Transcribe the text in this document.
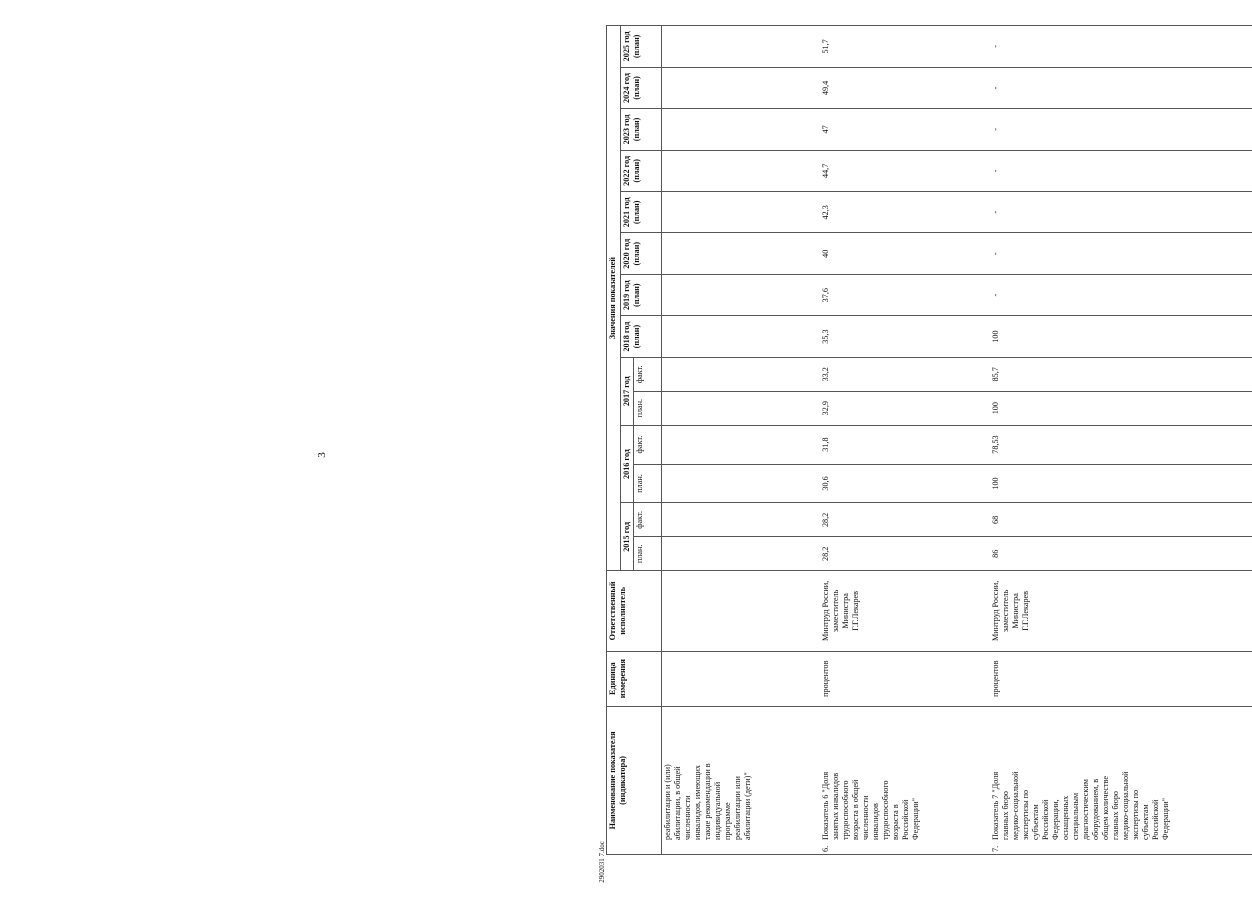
3
2902031 7.doc
Наименование показателя (индикатора)	Единица измерения	Ответственный исполнитель	Значения показателей													
			2015 год		2016 год		2017 год		2018 год (план)	2019 год (план)	2020 год (план)	2021 год (план)	2022 год (план)	2023 год (план)	2024 год (план)	2025 год (план)
			план.	факт.	план.	факт.	план.	факт.								
реабилитации и (или) абилитации, в общей численности инвалидов, имеющих такие рекомендации в индивидуальной программе реабилитации или абилитации (дети)"																
6.Показатель 6 "Доля занятых инвалидов трудоспособного возраста в общей численности инвалидов трудоспособного возраста в Российской Федерации"	процентов	Минтруд России, заместитель Министра Г.Г.Лекарев	28,2	28,2	30,6	31,8	32,9	33,2	35,3	37,6	40	42,3	44,7	47	49,4	51,7
7.Показатель 7 "Доля главных бюро медико-социальной экспертизы по субъектам Российской Федерации, оснащенных специальным диагностическим оборудованием, в общем количестве главных бюро медико-социальной экспертизы по субъектам Российской Федерации"	процентов	Минтруд России, заместитель Министра Г.Г.Лекарев	86	68	100	78,53	100	85,7	100	-	-	-	-	-	-	-
